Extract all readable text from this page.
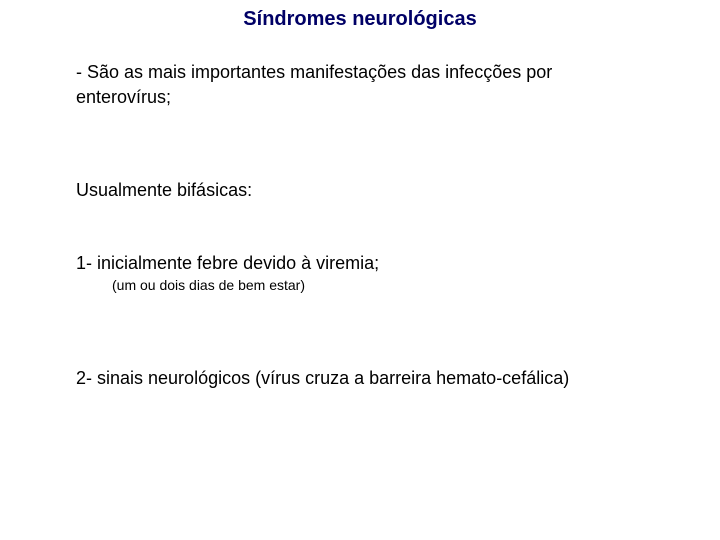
Síndromes neurológicas
- São as mais importantes manifestações das infecções por
enterovírus;
Usualmente bifásicas:
1- inicialmente febre devido à viremia;
(um ou dois dias de bem estar)
2- sinais neurológicos (vírus cruza a barreira hemato-cefálica)
